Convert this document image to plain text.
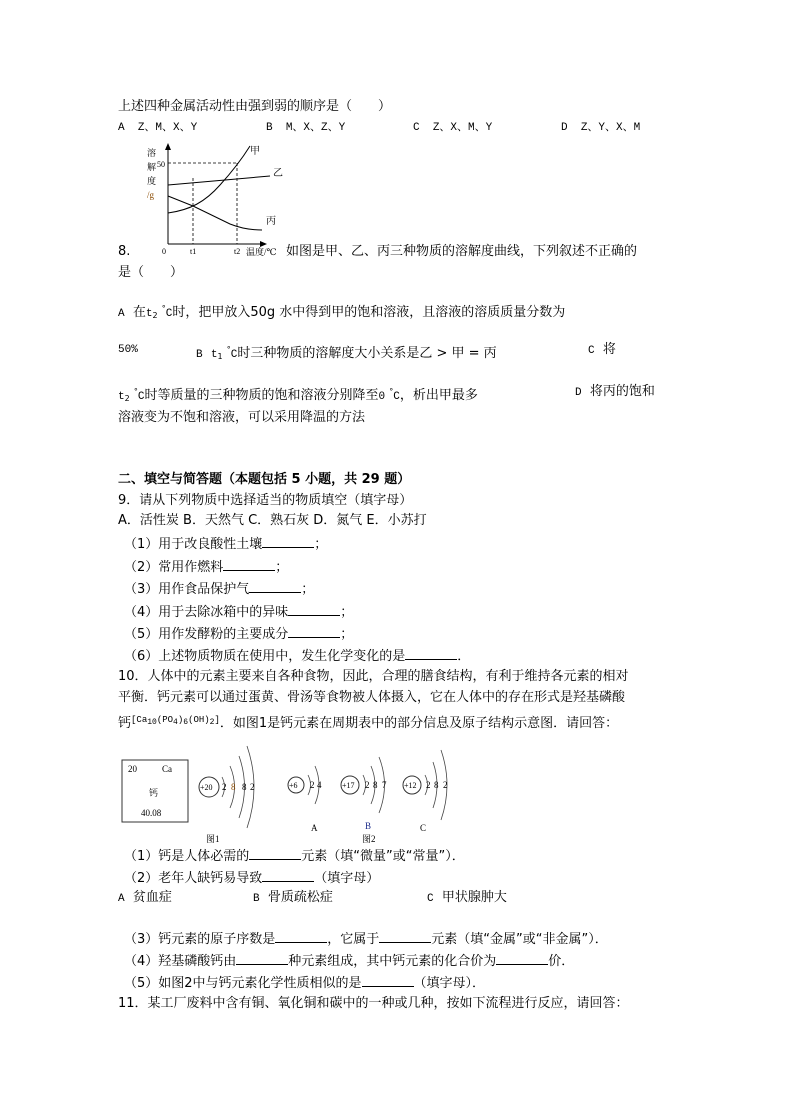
上述四种金属活动性由强到弱的顺序是（　　）
A Z、M、X、Y	B M、X、Z、Y	C Z、X、M、Y	D Z、Y、X、M
溶
解
度
/g
50
0	t1	t2 温度/℃
甲
乙
丙
8.	如图是甲、乙、丙三种物质的溶解度曲线，下列叙述不正确的
是（　　）
A 在$t_2$ °C时，把甲放入50g 水中得到甲的饱和溶液，且溶液的溶质质量分数为
50%	B $t_1$ °C时三种物质的溶解度大小关系是乙 > 甲 = 丙	C 将
$t_2$ °C时等质量的三种物质的饱和溶液分别降至0 °C，析出甲最多	D 将丙的饱和
溶液变为不饱和溶液，可以采用降温的方法
二、填空与简答题（本题包括 5 小题，共 29 题）
9．请从下列物质中选择适当的物质填空（填字母）
A．活性炭 B．天然气 C．熟石灰 D．氮气 E．小苏打
（1）用于改良酸性土壤	；
（2）常用作燃料	；
（3）用作食品保护气	；
（4）用于去除冰箱中的异味	；
（5）用作发酵粉的主要成分	；
（6）上述物质物质在使用中，发生化学变化的是	．
10．人体中的元素主要来自各种食物，因此，合理的膳食结构，有利于维持各元素的相对
平衡．钙元素可以通过蛋黄、骨汤等食物被人体摄入，它在人体中的存在形式是羟基磷酸
钙[Ca10(PO4)6(OH)2]．如图1是钙元素在周期表中的部分信息及原子结构示意图．请回答：
20	Ca
钙
40.08
+20 2 8 8 2
图1
+6 2 4
A
+17 2 8 7
B
图2
+12 2 8 2
C
（1）钙是人体必需的	元素（填“微量”或“常量”）．
（2）老年人缺钙易导致	（填字母）
A 贫血症	B 骨质疏松症	C 甲状腺肿大
（3）钙元素的原子序数是	，它属于	元素（填“金属”或“非金属”）．
（4）羟基磷酸钙由	种元素组成，其中钙元素的化合价为	价．
（5）如图2中与钙元素化学性质相似的是	（填字母）．
11．某工厂废料中含有铜、氧化铜和碳中的一种或几种，按如下流程进行反应，请回答：
